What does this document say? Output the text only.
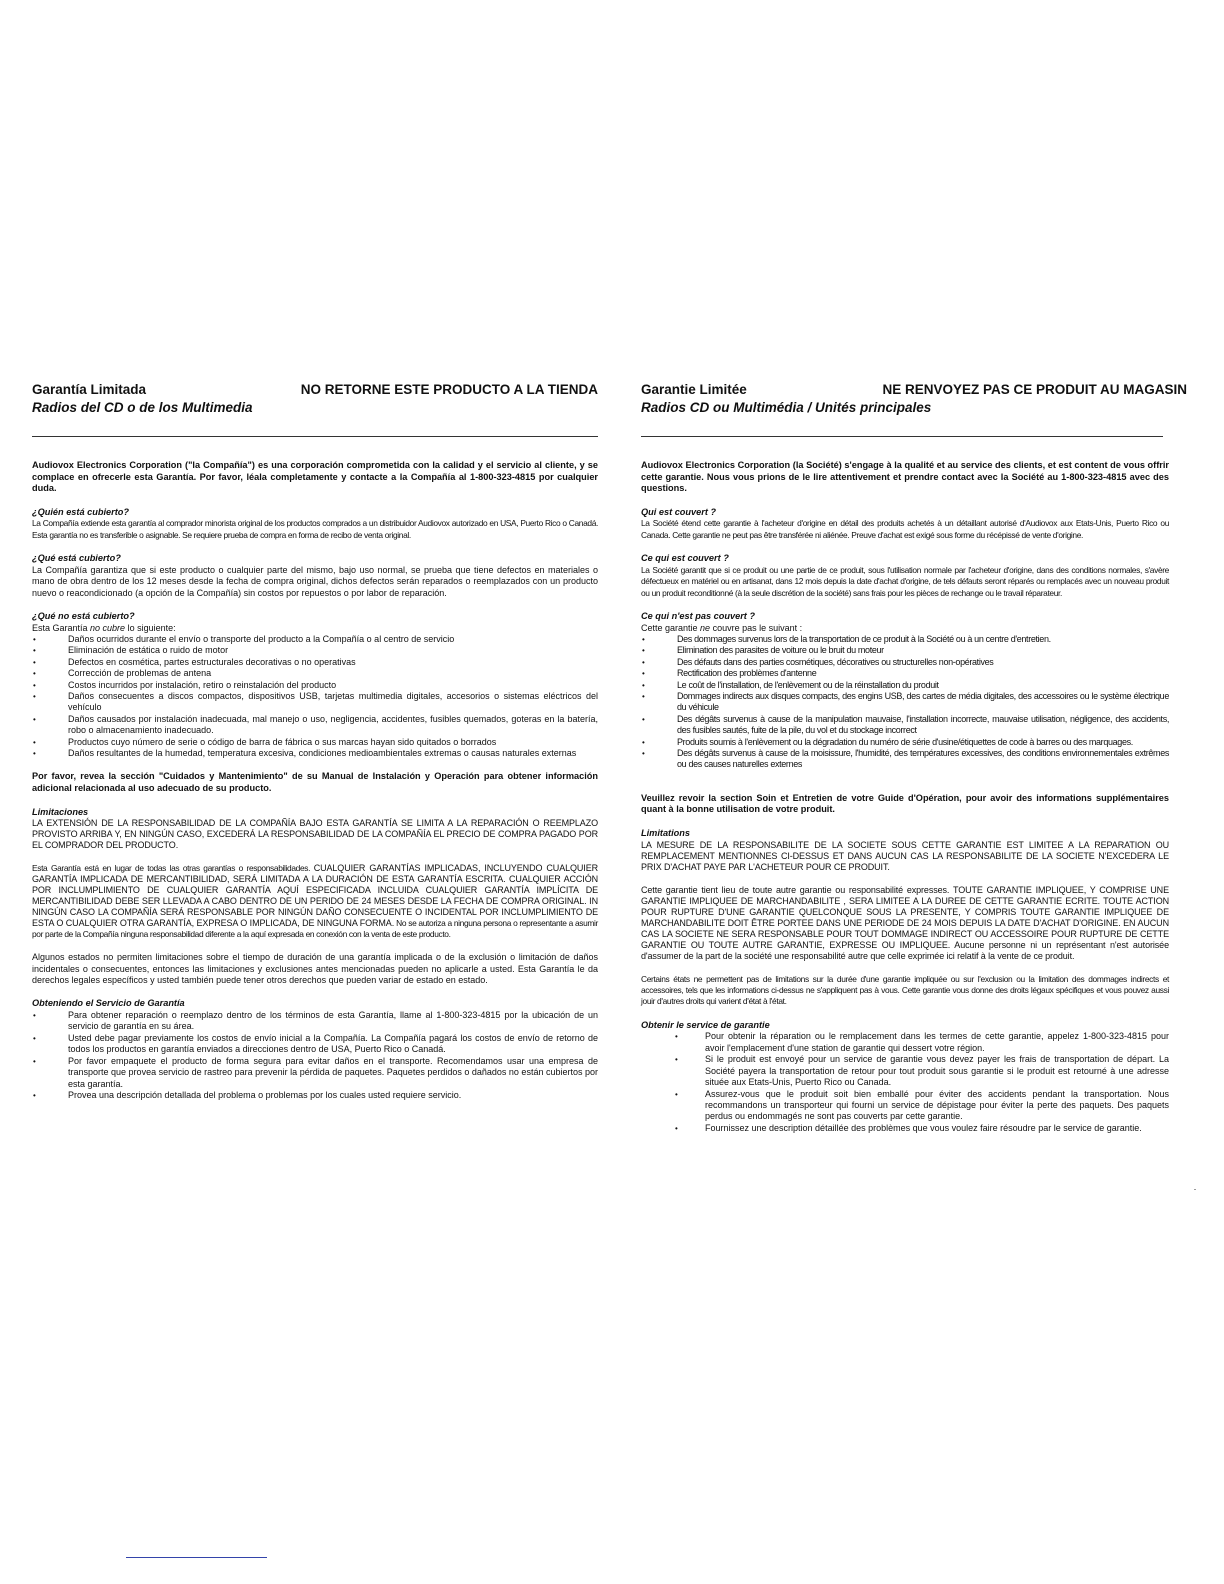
Garantía Limitada	NO RETORNE ESTE PRODUCTO A LA TIENDA
Radios del CD o de los Multimedia

Audiovox Electronics Corporation ("la Compañía") es una corporación comprometida con la calidad y el servicio al cliente, y se complace en ofrecerle esta Garantía. Por favor, léala completamente y contacte a la Compañía al 1-800-323-4815 por cualquier duda.

¿Quién está cubierto?

La Compañía extiende esta garantía al comprador minorista original de los productos comprados a un distribuidor Audiovox autorizado en USA, Puerto Rico o Canadá. Esta garantía no es transferible o asignable. Se requiere prueba de compra en forma de recibo de venta original.

¿Qué está cubierto?

La Compañía garantiza que si este producto o cualquier parte del mismo, bajo uso normal, se prueba que tiene defectos en materiales o mano de obra dentro de los 12 meses desde la fecha de compra original, dichos defectos serán reparados o reemplazados con un producto nuevo o reacondicionado (a opción de la Compañía) sin costos por repuestos o por labor de reparación.

¿Qué no está cubierto?

Esta Garantía no cubre lo siguiente:

• Daños ocurridos durante el envío o transporte del producto a la Compañía o al centro de servicio
• Eliminación de estática o ruido de motor
• Defectos en cosmética, partes estructurales decorativas o no operativas
• Corrección de problemas de antena
• Costos incurridos por instalación, retiro o reinstalación del producto
• Daños consecuentes a discos compactos, dispositivos USB, tarjetas multimedia digitales, accesorios o sistemas eléctricos del vehículo
• Daños causados por instalación inadecuada, mal manejo o uso, negligencia, accidentes, fusibles quemados, goteras en la batería, robo o almacenamiento inadecuado.
• Productos cuyo número de serie o código de barra de fábrica o sus marcas hayan sido quitados o borrados
• Daños resultantes de la humedad, temperatura excesiva, condiciones medioambientales extremas o causas naturales externas

Por favor, revea la sección "Cuidados y Mantenimiento" de su Manual de Instalación y Operación para obtener información adicional relacionada al uso adecuado de su producto.

Limitaciones

LA EXTENSIÓN DE LA RESPONSABILIDAD DE LA COMPAÑÍA BAJO ESTA GARANTÍA SE LIMITA A LA REPARACIÓN O REEMPLAZO PROVISTO ARRIBA Y, EN NINGÚN CASO, EXCEDERÁ LA RESPONSABILIDAD DE LA COMPAÑÍA EL PRECIO DE COMPRA PAGADO POR EL COMPRADOR DEL PRODUCTO.

Esta Garantía está en lugar de todas las otras garantías o responsabilidades. CUALQUIER GARANTÍAS IMPLICADAS, INCLUYENDO CUALQUIER GARANTÍA IMPLICADA DE MERCANTIBILIDAD, SERÁ LIMITADA A LA DURACIÓN DE ESTA GARANTÍA ESCRITA. CUALQUIER ACCIÓN POR INCLUMPLIMIENTO DE CUALQUIER GARANTÍA AQUÍ ESPECIFICADA INCLUIDA CUALQUIER GARANTÍA IMPLÍCITA DE MERCANTIBILIDAD DEBE SER LLEVADA A CABO DENTRO DE UN PERIDO DE 24 MESES DESDE LA FECHA DE COMPRA ORIGINAL. IN NINGÚN CASO LA COMPAÑÍA SERÁ RESPONSABLE POR NINGÚN DAÑO CONSECUENTE O INCIDENTAL POR INCLUMPLIMIENTO DE ESTA O CUALQUIER OTRA GARANTÍA, EXPRESA O IMPLICADA, DE NINGUNA FORMA. No se autoriza a ninguna persona o representante a asumir por parte de la Compañía ninguna responsabilidad diferente a la aquí expresada en conexión con la venta de este producto.

Algunos estados no permiten limitaciones sobre el tiempo de duración de una garantía implicada o de la exclusión o limitación de daños incidentales o consecuentes, entonces las limitaciones y exclusiones antes mencionadas pueden no aplicarle a usted. Esta Garantía le da derechos legales específicos y usted también puede tener otros derechos que pueden variar de estado en estado.

Obteniendo el Servicio de Garantía
• Para obtener reparación o reemplazo dentro de los términos de esta Garantía, llame al 1-800-323-4815 por la ubicación de un servicio de garantía en su área.
• Usted debe pagar previamente los costos de envío inicial a la Compañía. La Compañía pagará los costos de envío de retorno de todos los productos en garantía enviados a direcciones dentro de USA, Puerto Rico o Canadá.
• Por favor empaquete el producto de forma segura para evitar daños en el transporte. Recomendamos usar una empresa de transporte que provea servicio de rastreo para prevenir la pérdida de paquetes. Paquetes perdidos o dañados no están cubiertos por esta garantía.
• Provea una descripción detallada del problema o problemas por los cuales usted requiere servicio.
Garantie Limitée	NE RENVOYEZ PAS CE PRODUIT AU MAGASIN
Radios CD ou Multimédia / Unités principales

Audiovox Electronics Corporation (la Société) s'engage à la qualité et au service des clients, et est content de vous offrir cette garantie. Nous vous prions de le lire attentivement et prendre contact avec la Société au 1-800-323-4815 avec des questions.

Qui est couvert ?

La Société étend cette garantie à l'acheteur d'origine en détail des produits achetés à un détaillant autorisé d'Audiovox aux Etats-Unis, Puerto Rico ou Canada. Cette garantie ne peut pas être transférée ni aliénée. Preuve d'achat est exigé sous forme du récépissé de vente d'origine.

Ce qui est couvert ?

La Société garantit que si ce produit ou une partie de ce produit, sous l'utilisation normale par l'acheteur d'origine, dans des conditions normales, s'avère défectueux en matériel ou en artisanat, dans 12 mois depuis la date d'achat d'origine, de tels défauts seront réparés ou remplacés avec un nouveau produit ou un produit reconditionné (à la seule discrétion de la société) sans frais pour les pièces de rechange ou le travail réparateur.

Ce qui n'est pas couvert ?

Cette garantie ne couvre pas le suivant :

• Des dommages survenus lors de la transportation de ce produit à la Société ou à un centre d'entretien.
• Elimination des parasites de voiture ou le bruit du moteur
• Des défauts dans des parties cosmétiques, décoratives ou structurelles non-opératives
• Rectification des problèmes d'antenne
• Le coût de l'installation, de l'enlèvement ou de la réinstallation du produit
• Dommages indirects aux disques compacts, des engins USB, des cartes de média digitales, des accessoires ou le système électrique du véhicule
• Des dégâts survenus à cause de la manipulation mauvaise, l'installation incorrecte, mauvaise utilisation, négligence, des accidents, des fusibles sautés, fuite de la pile, du vol et du stockage incorrect
• Produits soumis à l'enlèvement ou la dégradation du numéro de série d'usine/étiquettes de code à barres ou des marquages.
• Des dégâts survenus à cause de la moisissure, l'humidité, des températures excessives, des conditions environnementales extrêmes ou des causes naturelles externes

Veuillez revoir la section Soin et Entretien de votre Guide d'Opération, pour avoir des informations supplémentaires quant à la bonne utilisation de votre produit.

Limitations

LA MESURE DE LA RESPONSABILITE DE LA SOCIETE SOUS CETTE GARANTIE EST LIMITEE A LA REPARATION OU REMPLACEMENT MENTIONNES CI-DESSUS ET DANS AUCUN CAS LA RESPONSABILITE DE LA SOCIETE N'EXCEDERA LE PRIX D'ACHAT PAYE PAR L'ACHETEUR POUR CE PRODUIT.

Cette garantie tient lieu de toute autre garantie ou responsabilité expresses. TOUTE GARANTIE IMPLIQUEE, Y COMPRISE UNE GARANTIE IMPLIQUEE DE MARCHANDABILITE , SERA LIMITEE A LA DUREE DE CETTE GARANTIE ECRITE. TOUTE ACTION POUR RUPTURE D'UNE GARANTIE QUELCONQUE SOUS LA PRESENTE, Y COMPRIS TOUTE GARANTIE IMPLIQUEE DE MARCHANDABILITE DOIT ÊTRE PORTEE DANS UNE PERIODE DE 24 MOIS DEPUIS LA DATE D'ACHAT D'ORIGINE. EN AUCUN CAS LA SOCIETE NE SERA RESPONSABLE POUR TOUT DOMMAGE INDIRECT OU ACCESSOIRE POUR RUPTURE DE CETTE GARANTIE OU TOUTE AUTRE GARANTIE, EXPRESSE OU IMPLIQUEE. Aucune personne ni un représentant n'est autorisée d'assumer de la part de la société une responsabilité autre que celle exprimée ici relatif à la vente de ce produit.

Certains états ne permettent pas de limitations sur la durée d'une garantie impliquée ou sur l'exclusion ou la limitation des dommages indirects et accessoires, tels que les informations ci-dessus ne s'appliquent pas à vous. Cette garantie vous donne des droits légaux spécifiques et vous pouvez aussi jouir d'autres droits qui varient d'état à l'état.

Obtenir le service de garantie
• Pour obtenir la réparation ou le remplacement dans les termes de cette garantie, appelez 1-800-323-4815 pour avoir l'emplacement d'une station de garantie qui dessert votre région.
• Si le produit est envoyé pour un service de garantie vous devez payer les frais de transportation de départ. La Société payera la transportation de retour pour tout produit sous garantie si le produit est retourné à une adresse située aux Etats-Unis, Puerto Rico ou Canada.
• Assurez-vous que le produit soit bien emballé pour éviter des accidents pendant la transportation. Nous recommandons un transporteur qui fourni un service de dépistage pour éviter la perte des paquets. Des paquets perdus ou endommagés ne sont pas couverts par cette garantie.
• Fournissez une description détaillée des problèmes que vous voulez faire résoudre par le service de garantie.
